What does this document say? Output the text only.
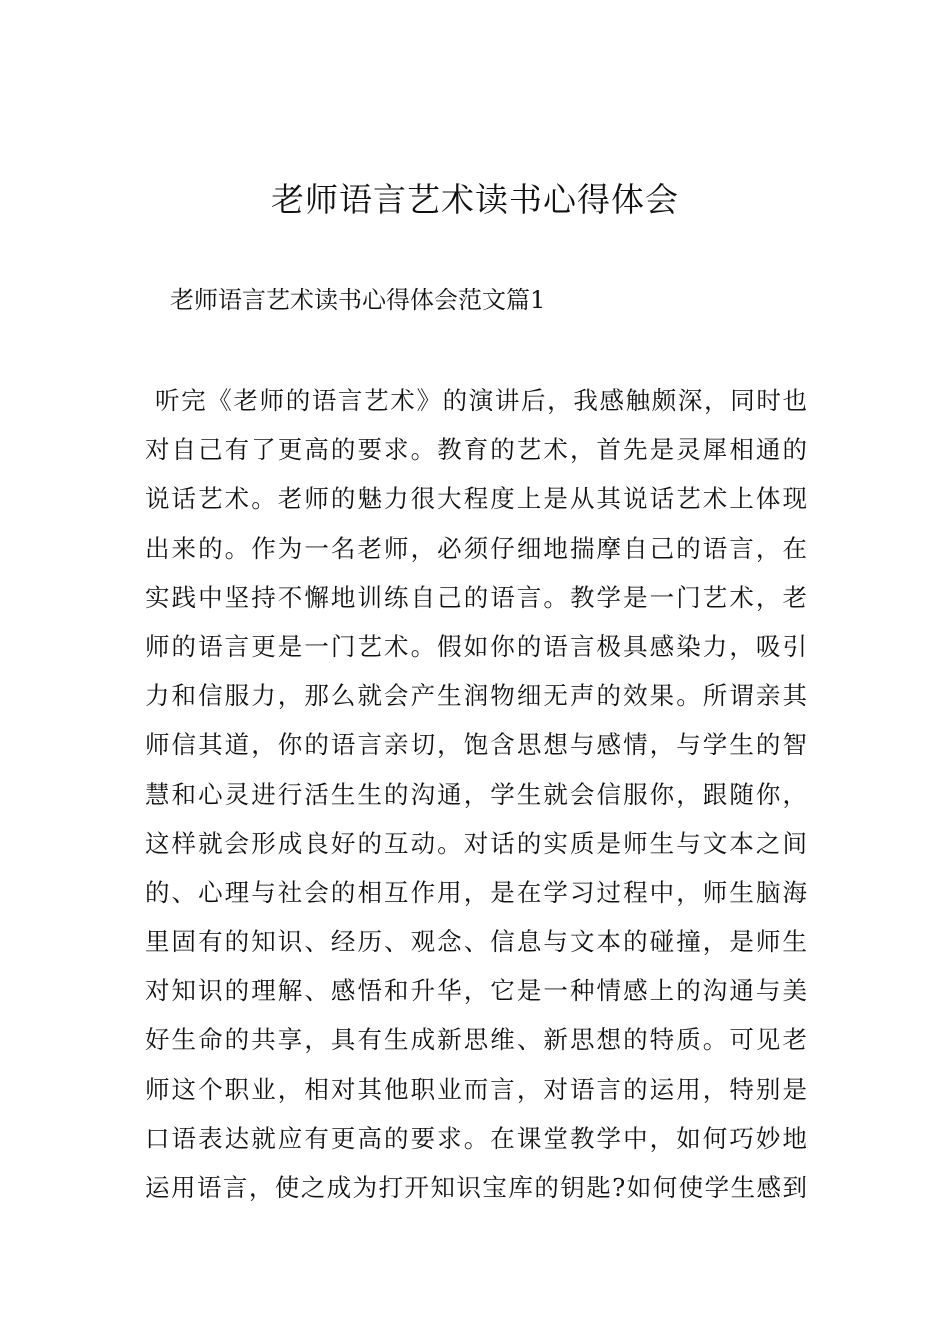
老师语言艺术读书心得体会

老师语言艺术读书心得体会范文篇1

听完《老师的语言艺术》的演讲后，我感触颇深，同时也
对自己有了更高的要求。教育的艺术，首先是灵犀相通的
说话艺术。老师的魅力很大程度上是从其说话艺术上体现
出来的。作为一名老师，必须仔细地揣摩自己的语言，在
实践中坚持不懈地训练自己的语言。教学是一门艺术，老
师的语言更是一门艺术。假如你的语言极具感染力，吸引
力和信服力，那么就会产生润物细无声的效果。所谓亲其
师信其道，你的语言亲切，饱含思想与感情，与学生的智
慧和心灵进行活生生的沟通，学生就会信服你，跟随你，
这样就会形成良好的互动。对话的实质是师生与文本之间
的、心理与社会的相互作用，是在学习过程中，师生脑海
里固有的知识、经历、观念、信息与文本的碰撞，是师生
对知识的理解、感悟和升华，它是一种情感上的沟通与美
好生命的共享，具有生成新思维、新思想的特质。可见老
师这个职业，相对其他职业而言，对语言的运用，特别是
口语表达就应有更高的要求。在课堂教学中，如何巧妙地
运用语言，使之成为打开知识宝库的钥匙?如何使学生感到
